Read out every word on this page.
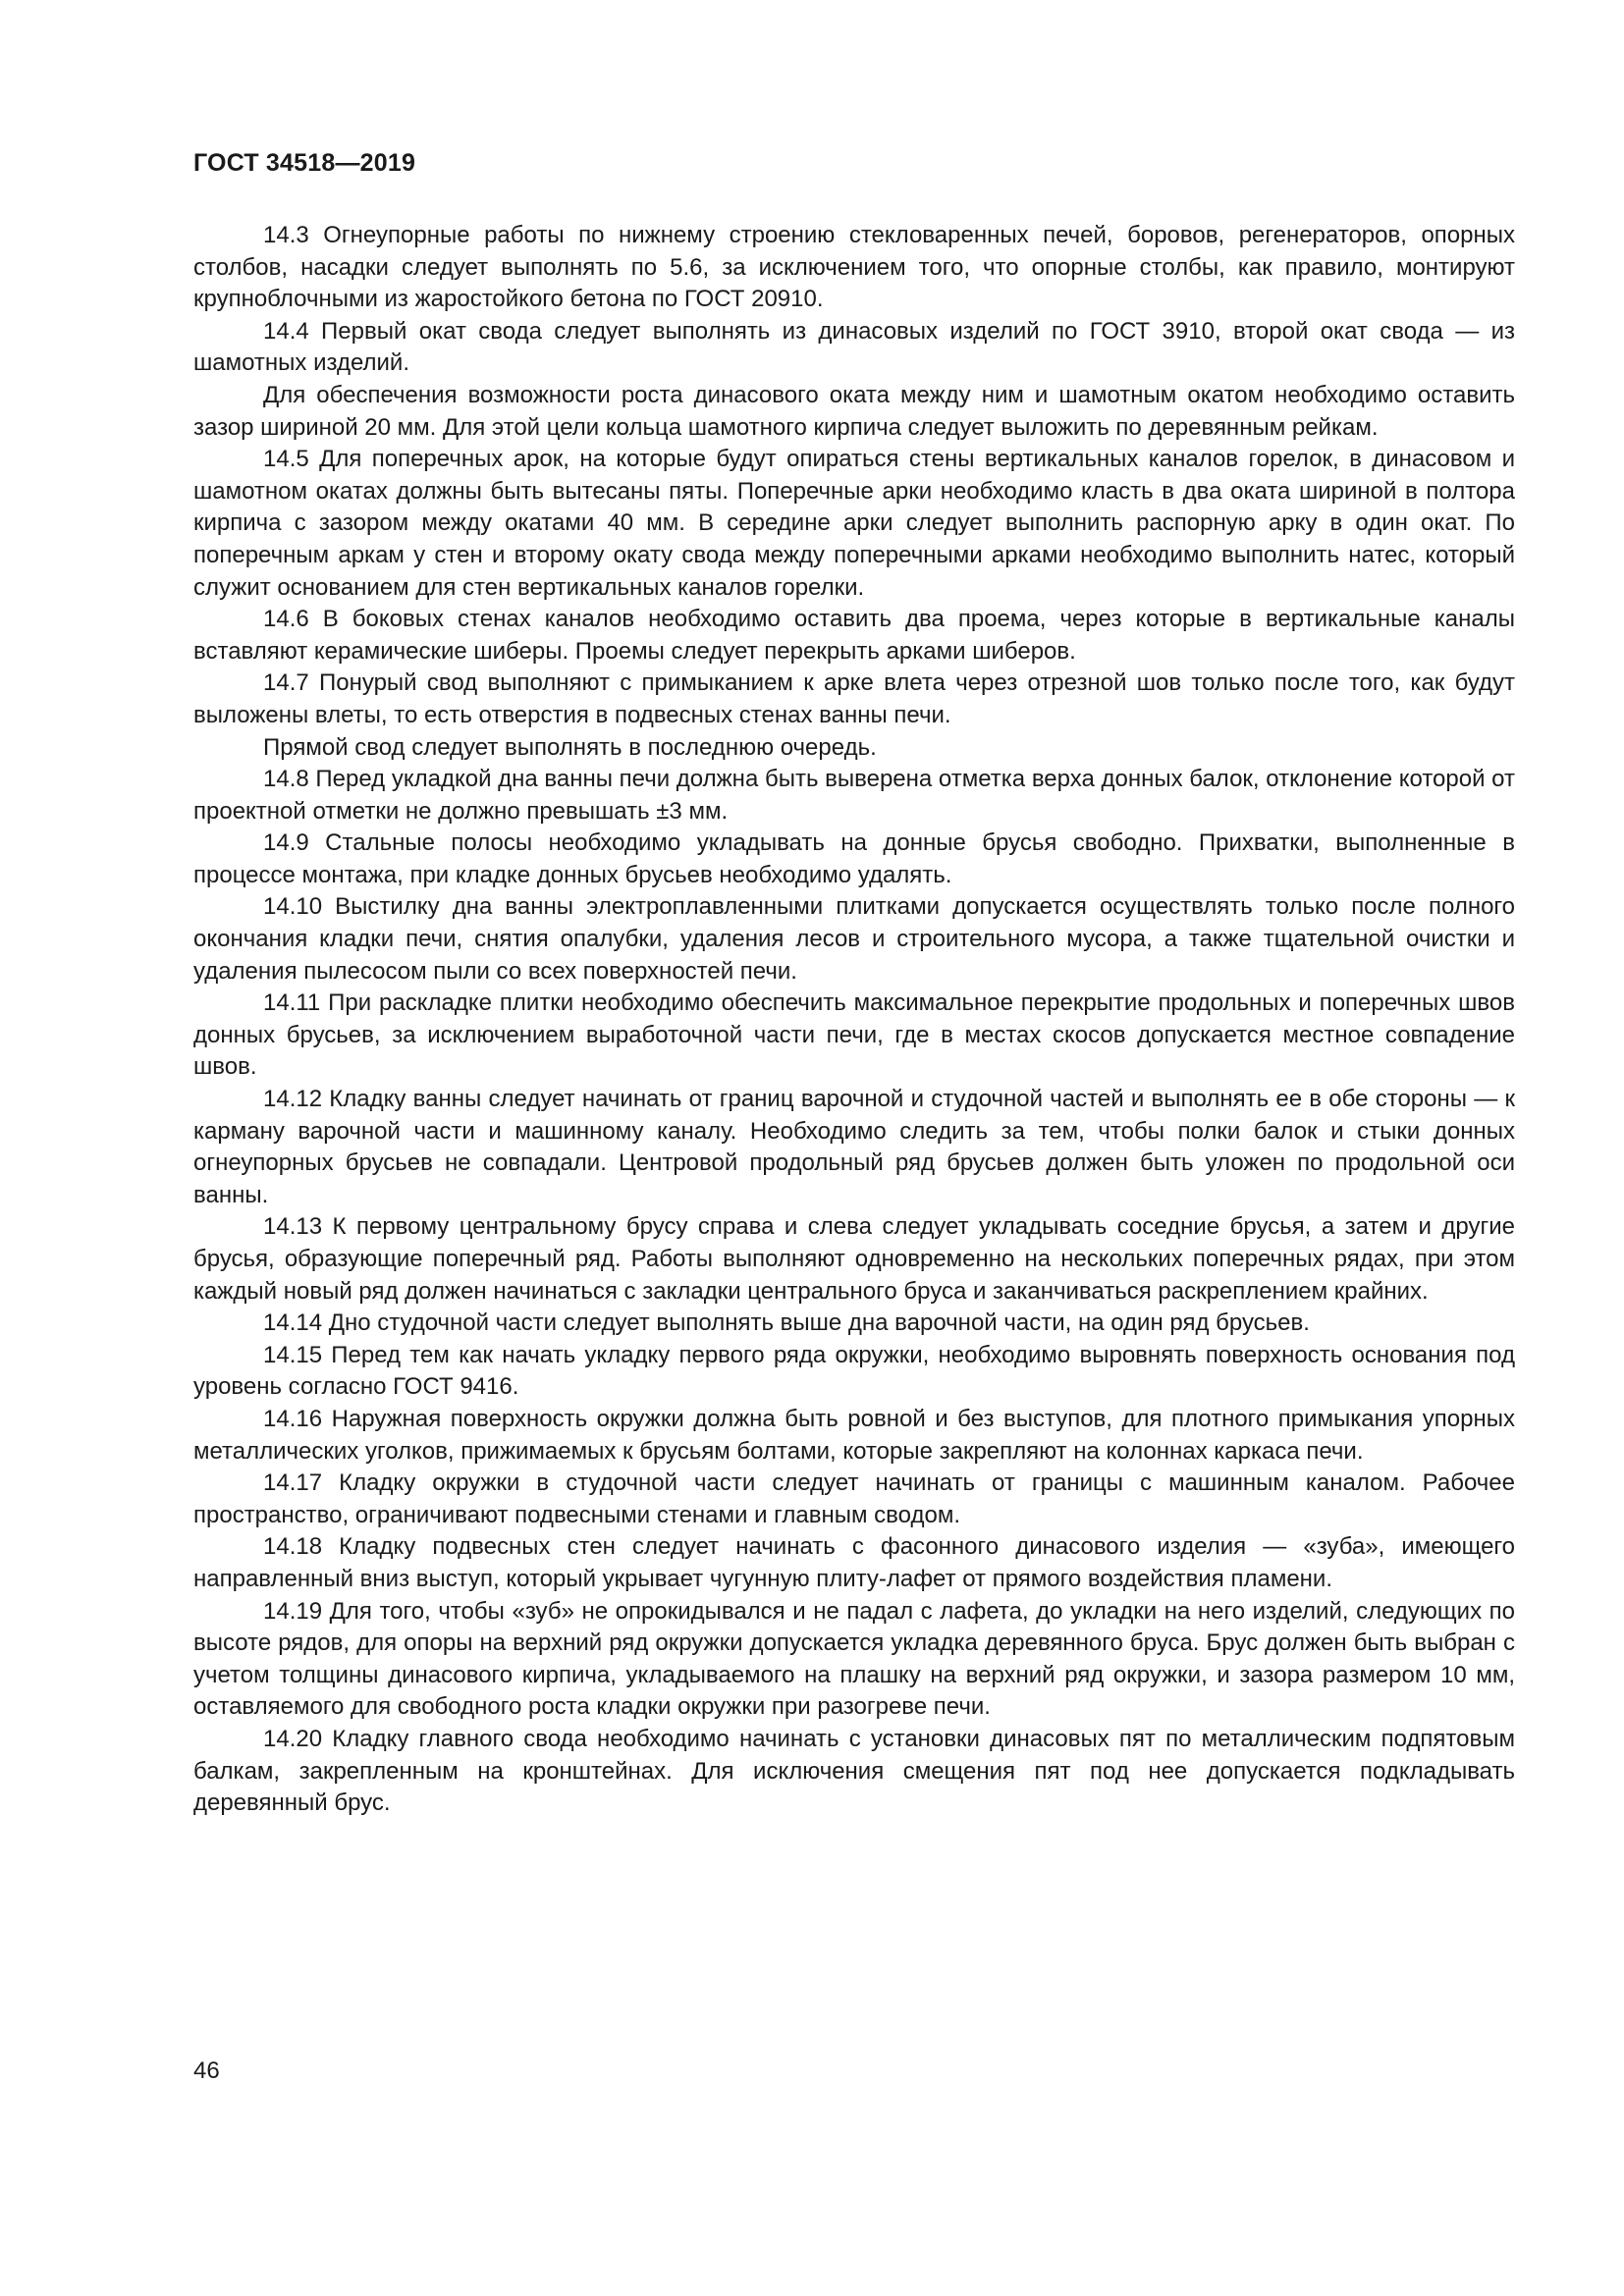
ГОСТ 34518—2019

14.3 Огнеупорные работы по нижнему строению стекловаренных печей, боровов, регенераторов, опорных столбов, насадки следует выполнять по 5.6, за исключением того, что опорные столбы, как правило, монтируют крупноблочными из жаростойкого бетона по ГОСТ 20910.

14.4 Первый окат свода следует выполнять из динасовых изделий по ГОСТ 3910, второй окат свода — из шамотных изделий.

Для обеспечения возможности роста динасового оката между ним и шамотным окатом необходимо оставить зазор шириной 20 мм. Для этой цели кольца шамотного кирпича следует выложить по деревянным рейкам.

14.5 Для поперечных арок, на которые будут опираться стены вертикальных каналов горелок, в динасовом и шамотном окатах должны быть вытесаны пяты. Поперечные арки необходимо класть в два оката шириной в полтора кирпича с зазором между окатами 40 мм. В середине арки следует выполнить распорную арку в один окат. По поперечным аркам у стен и второму окату свода между поперечными арками необходимо выполнить натес, который служит основанием для стен вертикальных каналов горелки.

14.6 В боковых стенах каналов необходимо оставить два проема, через которые в вертикальные каналы вставляют керамические шиберы. Проемы следует перекрыть арками шиберов.

14.7 Понурый свод выполняют с примыканием к арке влета через отрезной шов только после того, как будут выложены влеты, то есть отверстия в подвесных стенах ванны печи.

Прямой свод следует выполнять в последнюю очередь.

14.8 Перед укладкой дна ванны печи должна быть выверена отметка верха донных балок, отклонение которой от проектной отметки не должно превышать ±3 мм.

14.9 Стальные полосы необходимо укладывать на донные брусья свободно. Прихватки, выполненные в процессе монтажа, при кладке донных брусьев необходимо удалять.

14.10 Выстилку дна ванны электроплавленными плитками допускается осуществлять только после полного окончания кладки печи, снятия опалубки, удаления лесов и строительного мусора, а также тщательной очистки и удаления пылесосом пыли со всех поверхностей печи.

14.11 При раскладке плитки необходимо обеспечить максимальное перекрытие продольных и поперечных швов донных брусьев, за исключением выработочной части печи, где в местах скосов допускается местное совпадение швов.

14.12 Кладку ванны следует начинать от границ варочной и студочной частей и выполнять ее в обе стороны — к карману варочной части и машинному каналу. Необходимо следить за тем, чтобы полки балок и стыки донных огнеупорных брусьев не совпадали. Центровой продольный ряд брусьев должен быть уложен по продольной оси ванны.

14.13 К первому центральному брусу справа и слева следует укладывать соседние брусья, а затем и другие брусья, образующие поперечный ряд. Работы выполняют одновременно на нескольких поперечных рядах, при этом каждый новый ряд должен начинаться с закладки центрального бруса и заканчиваться раскреплением крайних.

14.14 Дно студочной части следует выполнять выше дна варочной части, на один ряд брусьев.

14.15 Перед тем как начать укладку первого ряда окружки, необходимо выровнять поверхность основания под уровень согласно ГОСТ 9416.

14.16 Наружная поверхность окружки должна быть ровной и без выступов, для плотного примыкания упорных металлических уголков, прижимаемых к брусьям болтами, которые закрепляют на колоннах каркаса печи.

14.17 Кладку окружки в студочной части следует начинать от границы с машинным каналом. Рабочее пространство, ограничивают подвесными стенами и главным сводом.

14.18 Кладку подвесных стен следует начинать с фасонного динасового изделия — «зуба», имеющего направленный вниз выступ, который укрывает чугунную плиту-лафет от прямого воздействия пламени.

14.19 Для того, чтобы «зуб» не опрокидывался и не падал с лафета, до укладки на него изделий, следующих по высоте рядов, для опоры на верхний ряд окружки допускается укладка деревянного бруса. Брус должен быть выбран с учетом толщины динасового кирпича, укладываемого на плашку на верхний ряд окружки, и зазора размером 10 мм, оставляемого для свободного роста кладки окружки при разогреве печи.

14.20 Кладку главного свода необходимо начинать с установки динасовых пят по металлическим подпятовым балкам, закрепленным на кронштейнах. Для исключения смещения пят под нее допускается подкладывать деревянный брус.

46
